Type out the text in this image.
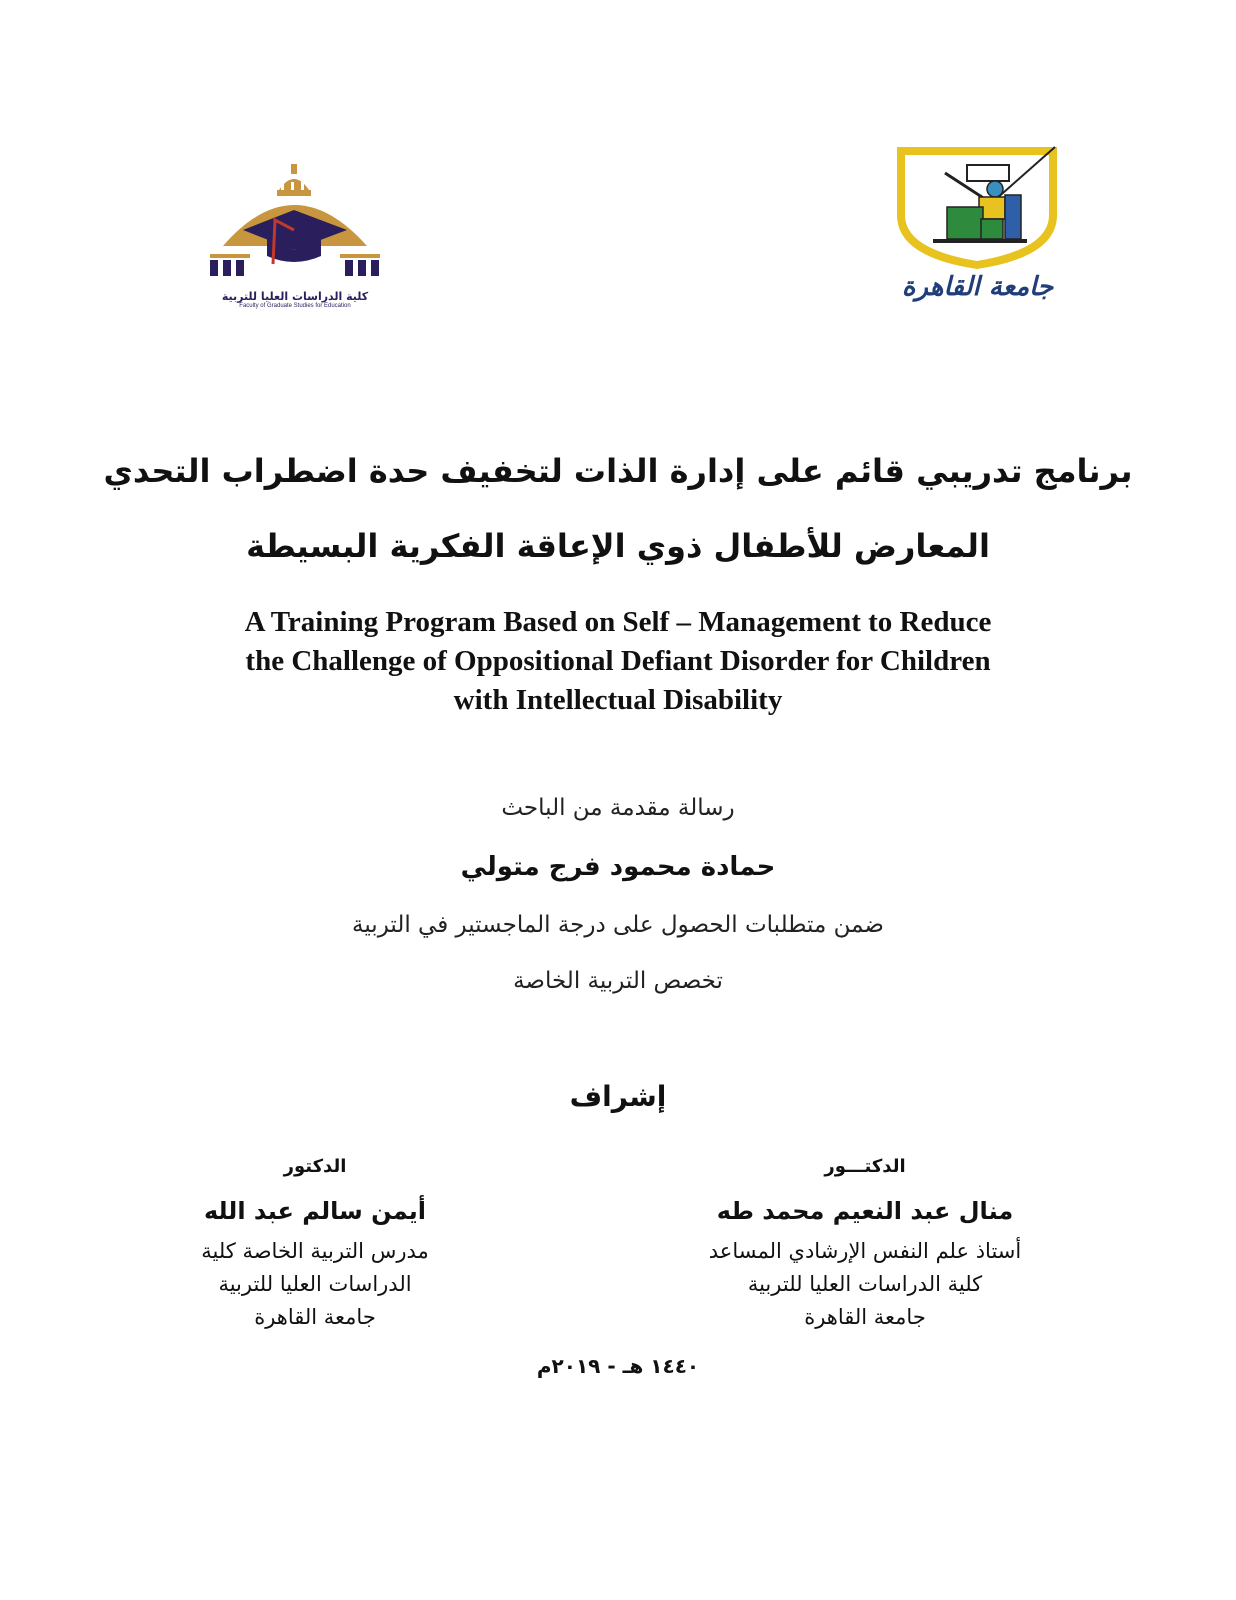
كلية الدراسات العليا للتربية
Faculty of Graduate Studies for Education
جامعة القاهرة
برنامج تدريبي قائم على إدارة الذات لتخفيف حدة اضطراب التحدي
المعارض للأطفال ذوي الإعاقة الفكرية البسيطة
A Training Program Based on Self – Management to Reduce
the Challenge of Oppositional Defiant Disorder for Children
with Intellectual Disability
رسالة مقدمة من الباحث
حمادة محمود فرج متولي
ضمن متطلبات الحصول على درجة الماجستير في التربية
تخصص التربية الخاصة
إشراف
الدكتـــور
منال عبد النعيم محمد طه
أستاذ علم النفس الإرشادي المساعد
كلية الدراسات العليا للتربية
جامعة القاهرة
الدكتور
أيمن سالم عبد الله
مدرس التربية الخاصة كلية
الدراسات العليا للتربية
جامعة القاهرة
١٤٤٠ هـ - ٢٠١٩م
